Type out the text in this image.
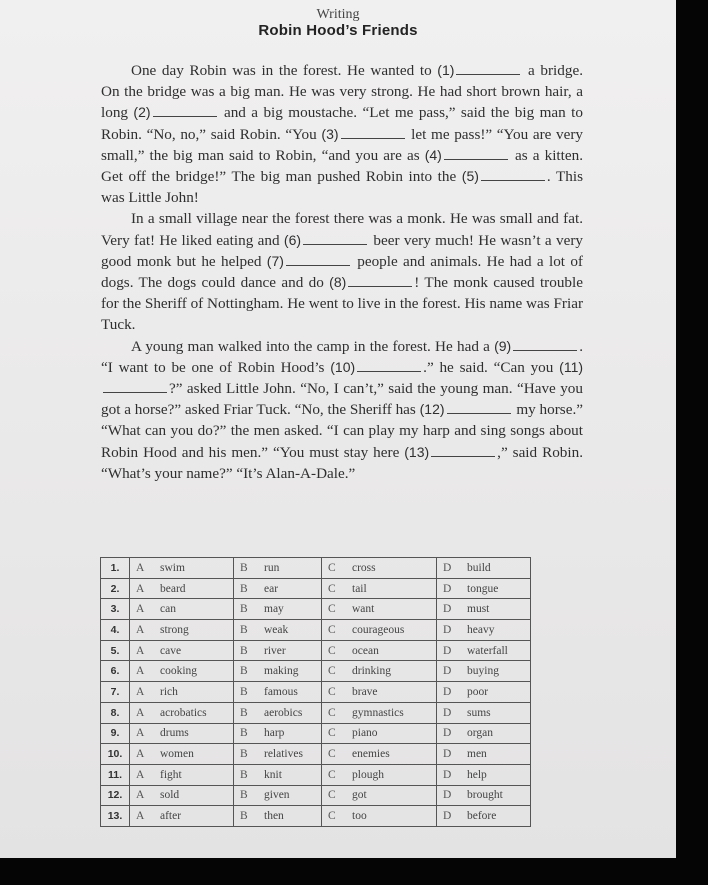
Writing
Robin Hood’s Friends

One day Robin was in the forest. He wanted to (1)	a bridge. On the bridge was a big man. He was very strong. He had short brown hair, a long (2)	and a big moustache. “Let me pass,” said the big man to Robin. “No, no,” said Robin. “You (3)	let me pass!” “You are very small,” the big man said to Robin, “and you are as (4)	as a kitten. Get off the bridge!” The big man pushed Robin into the (5)	. This was Little John!

In a small village near the forest there was a monk. He was small and fat. Very fat! He liked eating and (6)	beer very much! He wasn’t a very good monk but he helped (7)	people and animals. He had a lot of dogs. The dogs could dance and do (8)	! The monk caused trouble for the Sheriff of Nottingham. He went to live in the forest. His name was Friar Tuck.

A young man walked into the camp in the forest. He had a (9)	. “I want to be one of Robin Hood’s (10)	.” he said. “Can you (11)?” asked Little John. “No, I can’t,” said the young man. “Have you got a horse?” asked Friar Tuck. “No, the Sheriff has (12)	my horse.” “What can you do?” the men asked. “I can play my harp and sing songs about Robin Hood and his men.” “You must stay here (13)	,” said Robin. “What’s your name?” “It’s Alan-A-Dale.”

1.	A swim	B run	C cross	D build
2.	A beard	B ear	C tail	D tongue
3.	A can	B may	C want	D must
4.	A strong	B weak	C courageous	D heavy
5.	A cave	B river	C ocean	D waterfall
6.	A cooking	B making	C drinking	D buying
7.	A rich	B famous	C brave	D poor
8.	A acrobatics	B aerobics	C gymnastics	D sums
9.	A drums	B harp	C piano	D organ
10.	A women	B relatives	C enemies	D men
11.	A fight	B knit	C plough	D help
12.	A sold	B given	C got	D brought
13.	A after	B then	C too	D before
